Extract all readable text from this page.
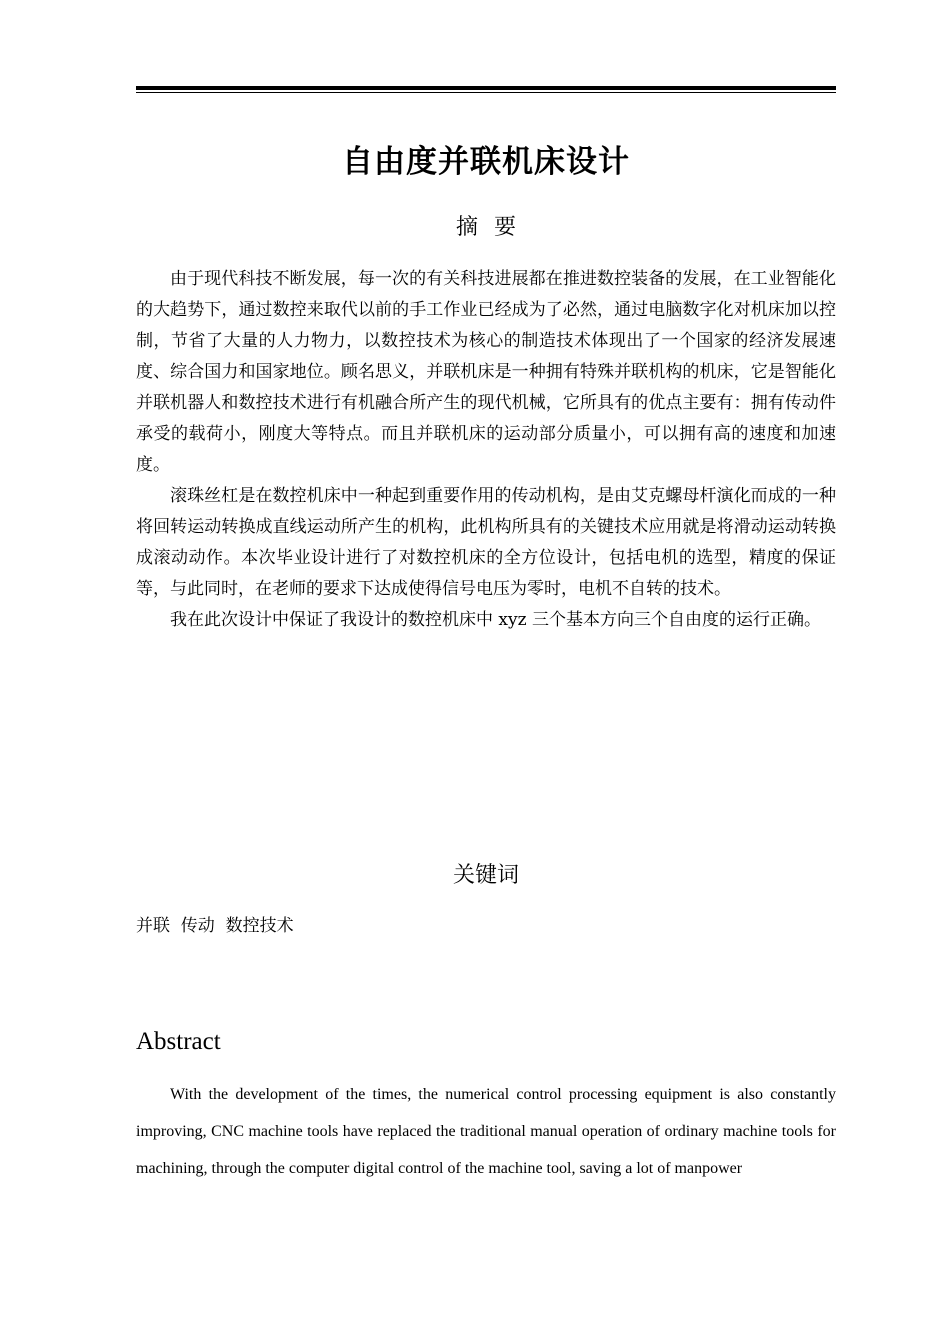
自由度并联机床设计
摘要

由于现代科技不断发展，每一次的有关科技进展都在推进数控装备的发展，在工业智能化的大趋势下，通过数控来取代以前的手工作业已经成为了必然，通过电脑数字化对机床加以控制，节省了大量的人力物力，以数控技术为核心的制造技术体现出了一个国家的经济发展速度、综合国力和国家地位。顾名思义，并联机床是一种拥有特殊并联机构的机床，它是智能化并联机器人和数控技术进行有机融合所产生的现代机械，它所具有的优点主要有：拥有传动件承受的载荷小，刚度大等特点。而且并联机床的运动部分质量小，可以拥有高的速度和加速度。

滚珠丝杠是在数控机床中一种起到重要作用的传动机构，是由艾克螺母杆演化而成的一种将回转运动转换成直线运动所产生的机构，此机构所具有的关键技术应用就是将滑动运动转换成滚动动作。本次毕业设计进行了对数控机床的全方位设计，包括电机的选型，精度的保证等，与此同时，在老师的要求下达成使得信号电压为零时，电机不自转的技术。

我在此次设计中保证了我设计的数控机床中 xyz 三个基本方向三个自由度的运行正确。

关键词
并联  传动  数控技术
Abstract

With the development of the times, the numerical control processing equipment is also constantly improving, CNC machine tools have replaced the traditional manual operation of ordinary machine tools for machining, through the computer digital control of the machine tool, saving a lot of manpower
